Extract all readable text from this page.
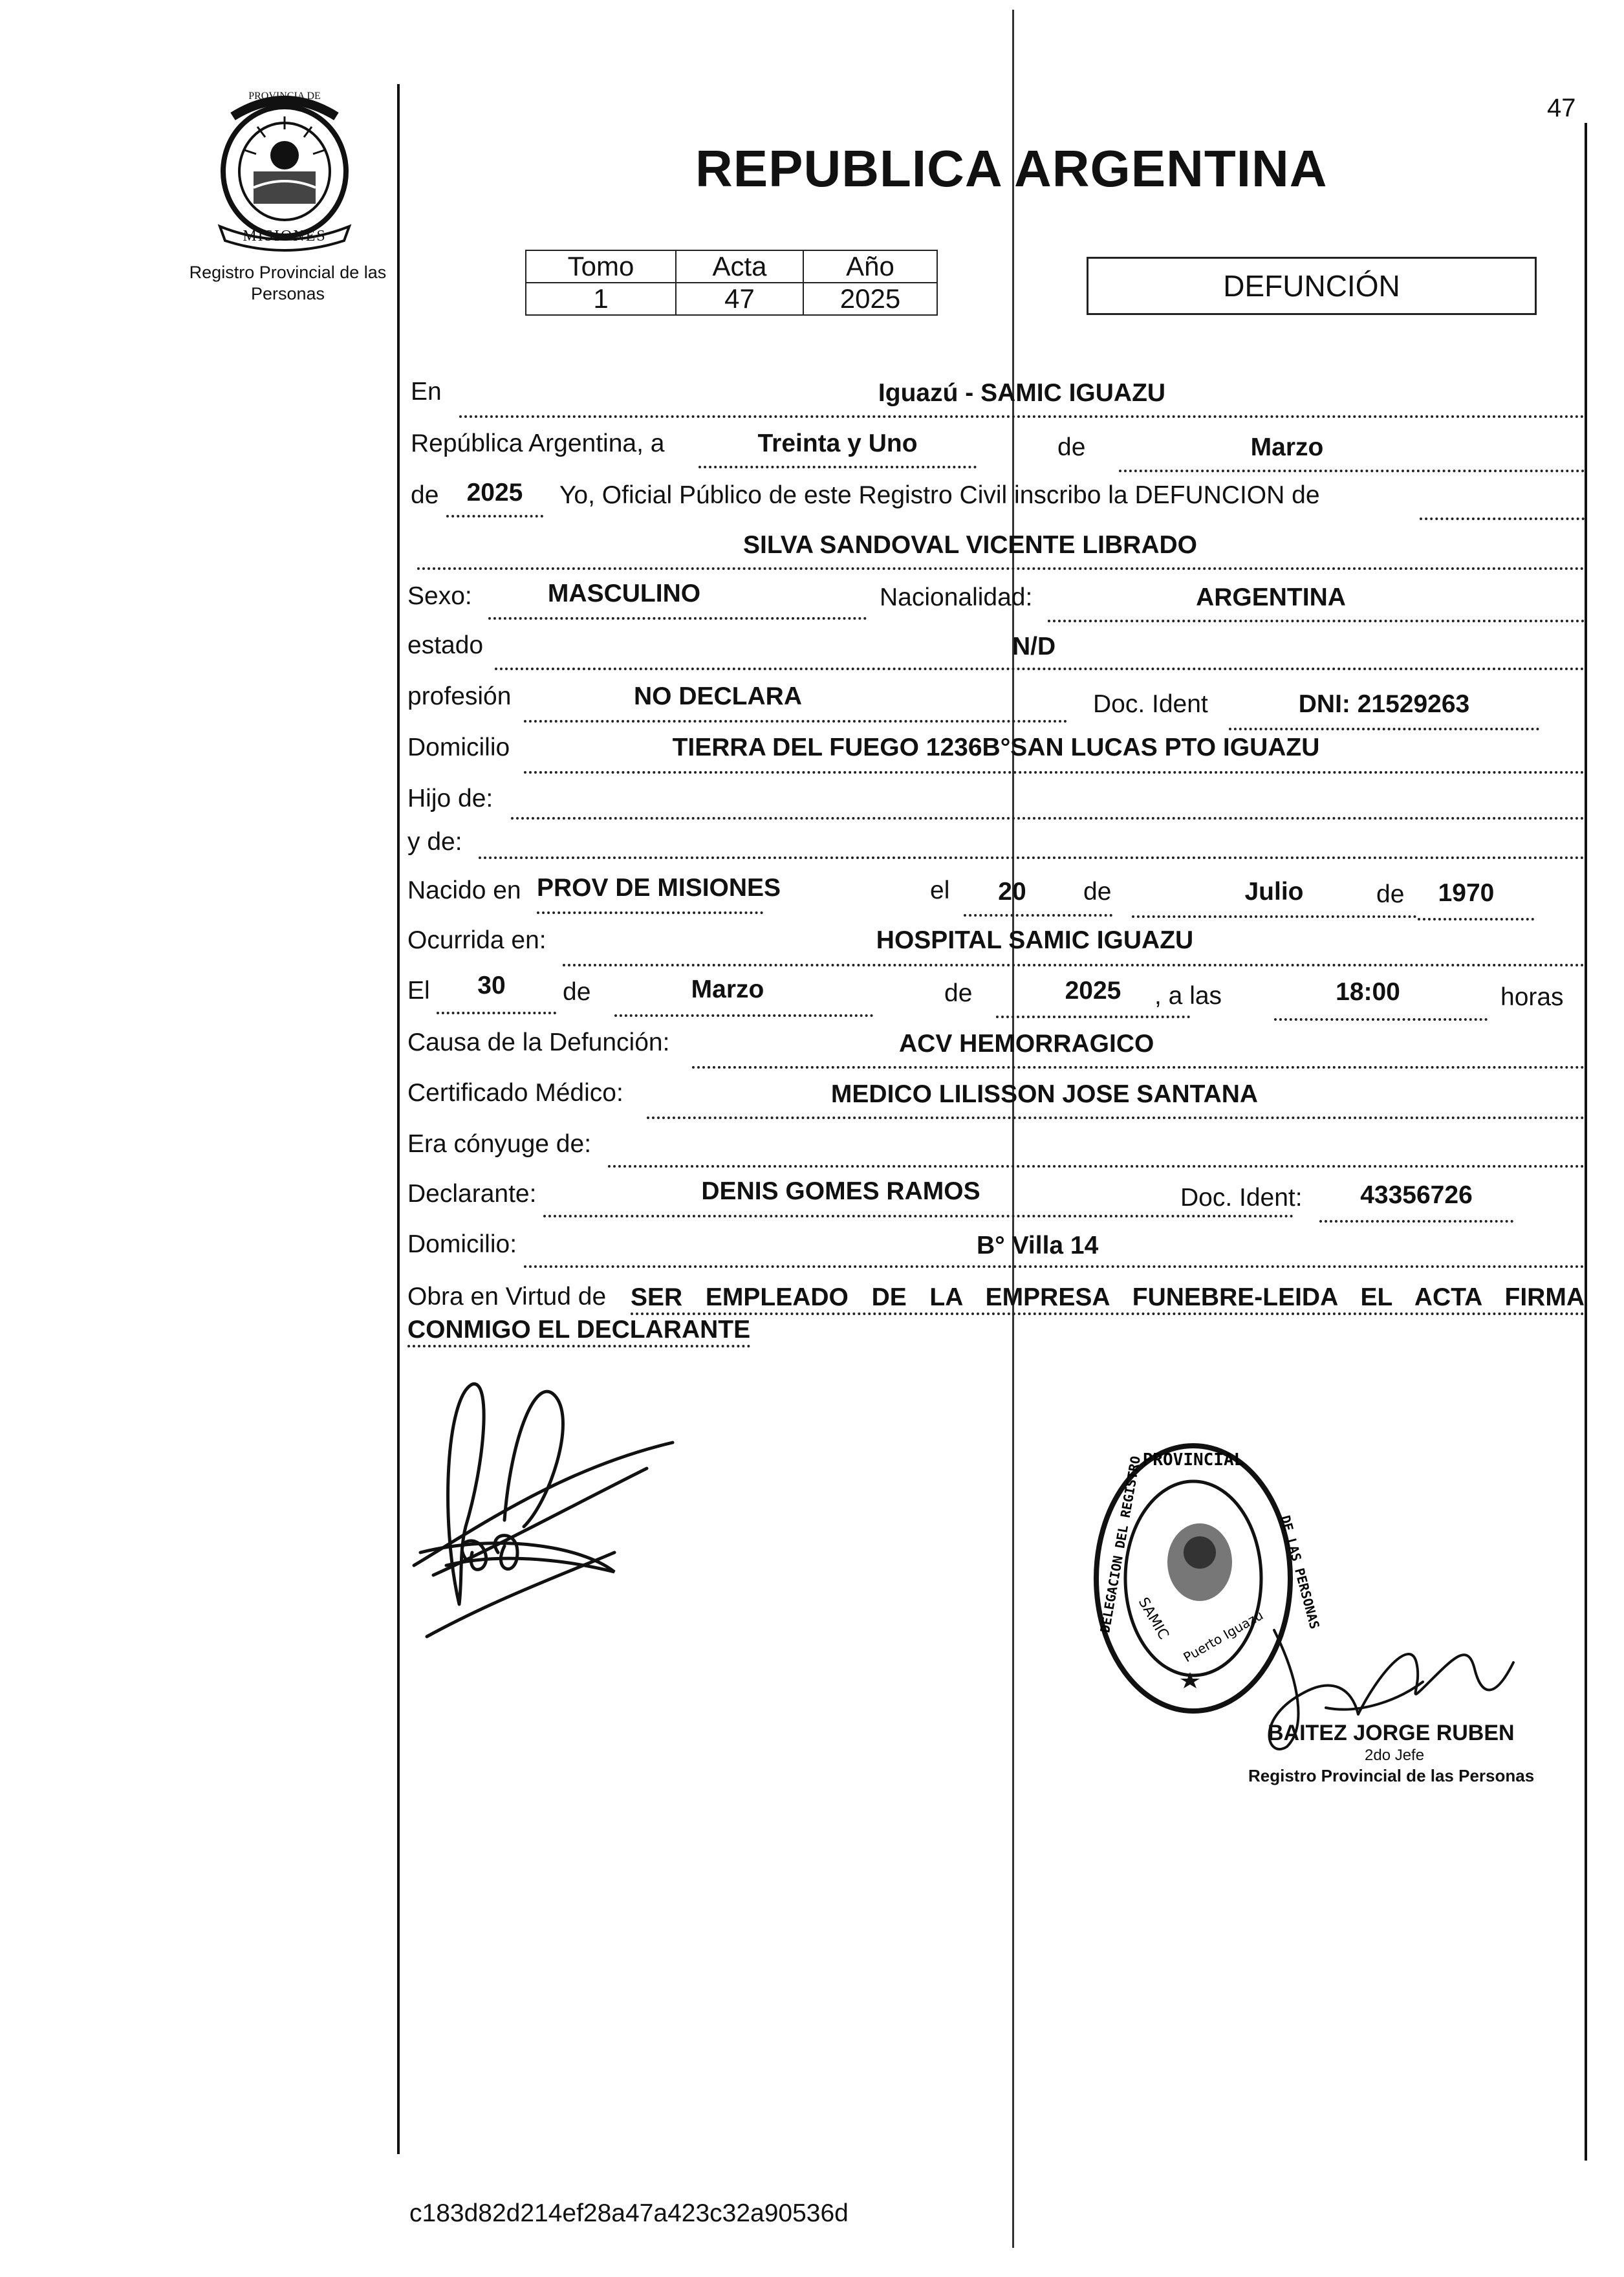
PROVINCIA DE
MISIONES
Registro Provincial de las Personas
47
REPUBLICA ARGENTINA
Tomo	Acta	Año
1	47	2025	DEFUNCIÓN
En	Iguazú - SAMIC IGUAZU
República Argentina, a	Treinta y Uno	de	Marzo
de	2025	Yo, Oficial Público de este Registro Civil inscribo la DEFUNCION de
SILVA SANDOVAL VICENTE LIBRADO
Sexo:	MASCULINO	Nacionalidad:	ARGENTINA
estado	N/D
profesión	NO DECLARA	Doc. Ident	DNI: 21529263
Domicilio	TIERRA DEL FUEGO 1236B°SAN LUCAS PTO IGUAZU
Hijo de:
y de:
Nacido en PROV DE MISIONES	el	20	de	Julio	de	1970
Ocurrida en:	HOSPITAL SAMIC IGUAZU
El	30	de	Marzo	de	2025	, a las	18:00	horas
Causa de la Defunción:	ACV HEMORRAGICO
Certificado Médico:	MEDICO LILISSON JOSE SANTANA
Era cónyuge de:
Declarante:	DENIS GOMES RAMOS	Doc. Ident:	43356726
Domicilio:	B° Villa 14
Obra en Virtud de SER EMPLEADO DE LA EMPRESA FUNEBRE-LEIDA EL ACTA FIRMA
CONMIGO EL DECLARANTE
PROVINCIAL
DELEGACION DEL REGISTRO	DE LAS PERSONAS
SAMIC Puerto Iguazú
BAITEZ JORGE RUBEN
2do Jefe
Registro Provincial de las Personas
c183d82d214ef28a47a423c32a90536d
